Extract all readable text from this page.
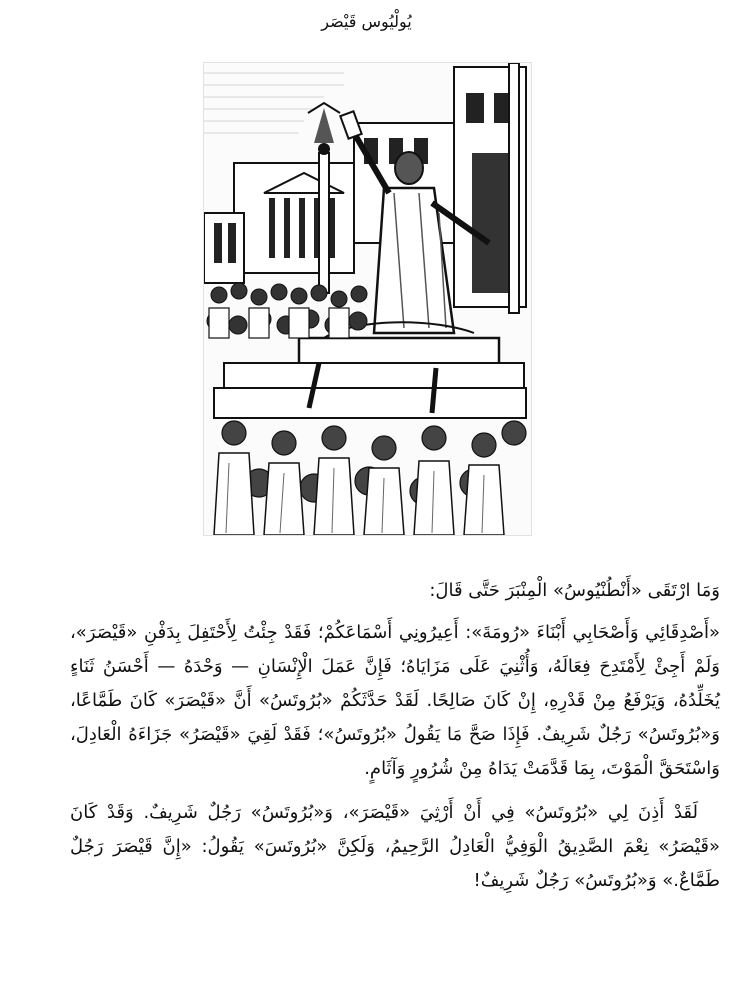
يُولْيُوس قَيْصَر

وَمَا ارْتَقَى «أَنْطُنْيُوسُ» الْمِنْبَرَ حَتَّى قَالَ:

«أَصْدِقَائِي وَأَصْحَابِي أَبْنَاءَ «رُومَةَ»: أَعِيرُونِي أَسْمَاعَكُمْ؛ فَقَدْ جِئْتُ لِأَحْتَفِلَ بِدَفْنِ «قَيْصَرَ»، وَلَمْ أَجِئْ لِأَمْتَدِحَ فِعَالَهُ، وَأُثْنِيَ عَلَى مَزَايَاهُ؛ فَإِنَّ عَمَلَ الْإِنْسَانِ — وَحْدَهُ — أَحْسَنُ ثَنَاءٍ يُخَلِّدُهُ، وَيَرْفَعُ مِنْ قَدْرِهِ، إِنْ كَانَ صَالِحًا. لَقَدْ حَدَّثَكُمْ «بُرُوتَسُ» أَنَّ «قَيْصَرَ» كَانَ طَمَّاعًا، وَ«بُرُوتَسُ» رَجُلٌ شَرِيفٌ. فَإِذَا صَحَّ مَا يَقُولُ «بُرُوتَسُ»؛ فَقَدْ لَقِيَ «قَيْصَرُ» جَزَاءَهُ الْعَادِلَ، وَاسْتَحَقَّ الْمَوْتَ، بِمَا قَدَّمَتْ يَدَاهُ مِنْ شُرُورٍ وَآثَامٍ.

لَقَدْ أَذِنَ لِي «بُرُوتَسُ» فِي أَنْ أَرْثِيَ «قَيْصَرَ»، وَ«بُرُوتَسُ» رَجُلٌ شَرِيفٌ. وَقَدْ كَانَ «قَيْصَرُ» نِعْمَ الصَّدِيقُ الْوَفِيُّ الْعَادِلُ الرَّحِيمُ، وَلَكِنَّ «بُرُوتَسَ» يَقُولُ: «إِنَّ قَيْصَرَ رَجُلٌ طَمَّاعٌ.» وَ«بُرُوتَسُ» رَجُلٌ شَرِيفٌ!
